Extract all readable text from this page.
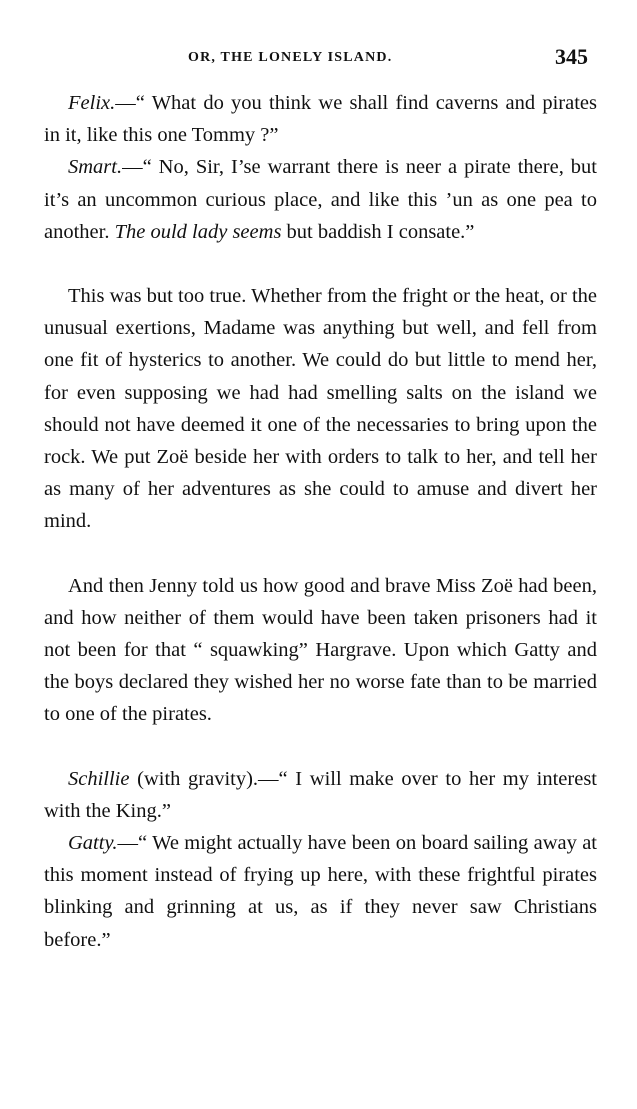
OR, THE LONELY ISLAND.	345

Felix.—“ What do you think we shall find caverns and pirates in it, like this one Tommy ?”

Smart.—“ No, Sir, I’se warrant there is neer a pirate there, but it’s an uncommon curious place, and like this ’un as one pea to another. The ould lady seems but baddish I consate.”

This was but too true. Whether from the fright or the heat, or the unusual exertions, Madame was anything but well, and fell from one fit of hysterics to another. We could do but little to mend her, for even supposing we had had smelling salts on the island we should not have deemed it one of the necessaries to bring upon the rock. We put Zoë beside her with orders to talk to her, and tell her as many of her adventures as she could to amuse and divert her mind.

And then Jenny told us how good and brave Miss Zoë had been, and how neither of them would have been taken prisoners had it not been for that “ squawking” Hargrave. Upon which Gatty and the boys declared they wished her no worse fate than to be married to one of the pirates.

Schillie (with gravity).—“ I will make over to her my interest with the King.”

Gatty.—“ We might actually have been on board sailing away at this moment instead of frying up here, with these frightful pirates blinking and grinning at us, as if they never saw Christians before.”
